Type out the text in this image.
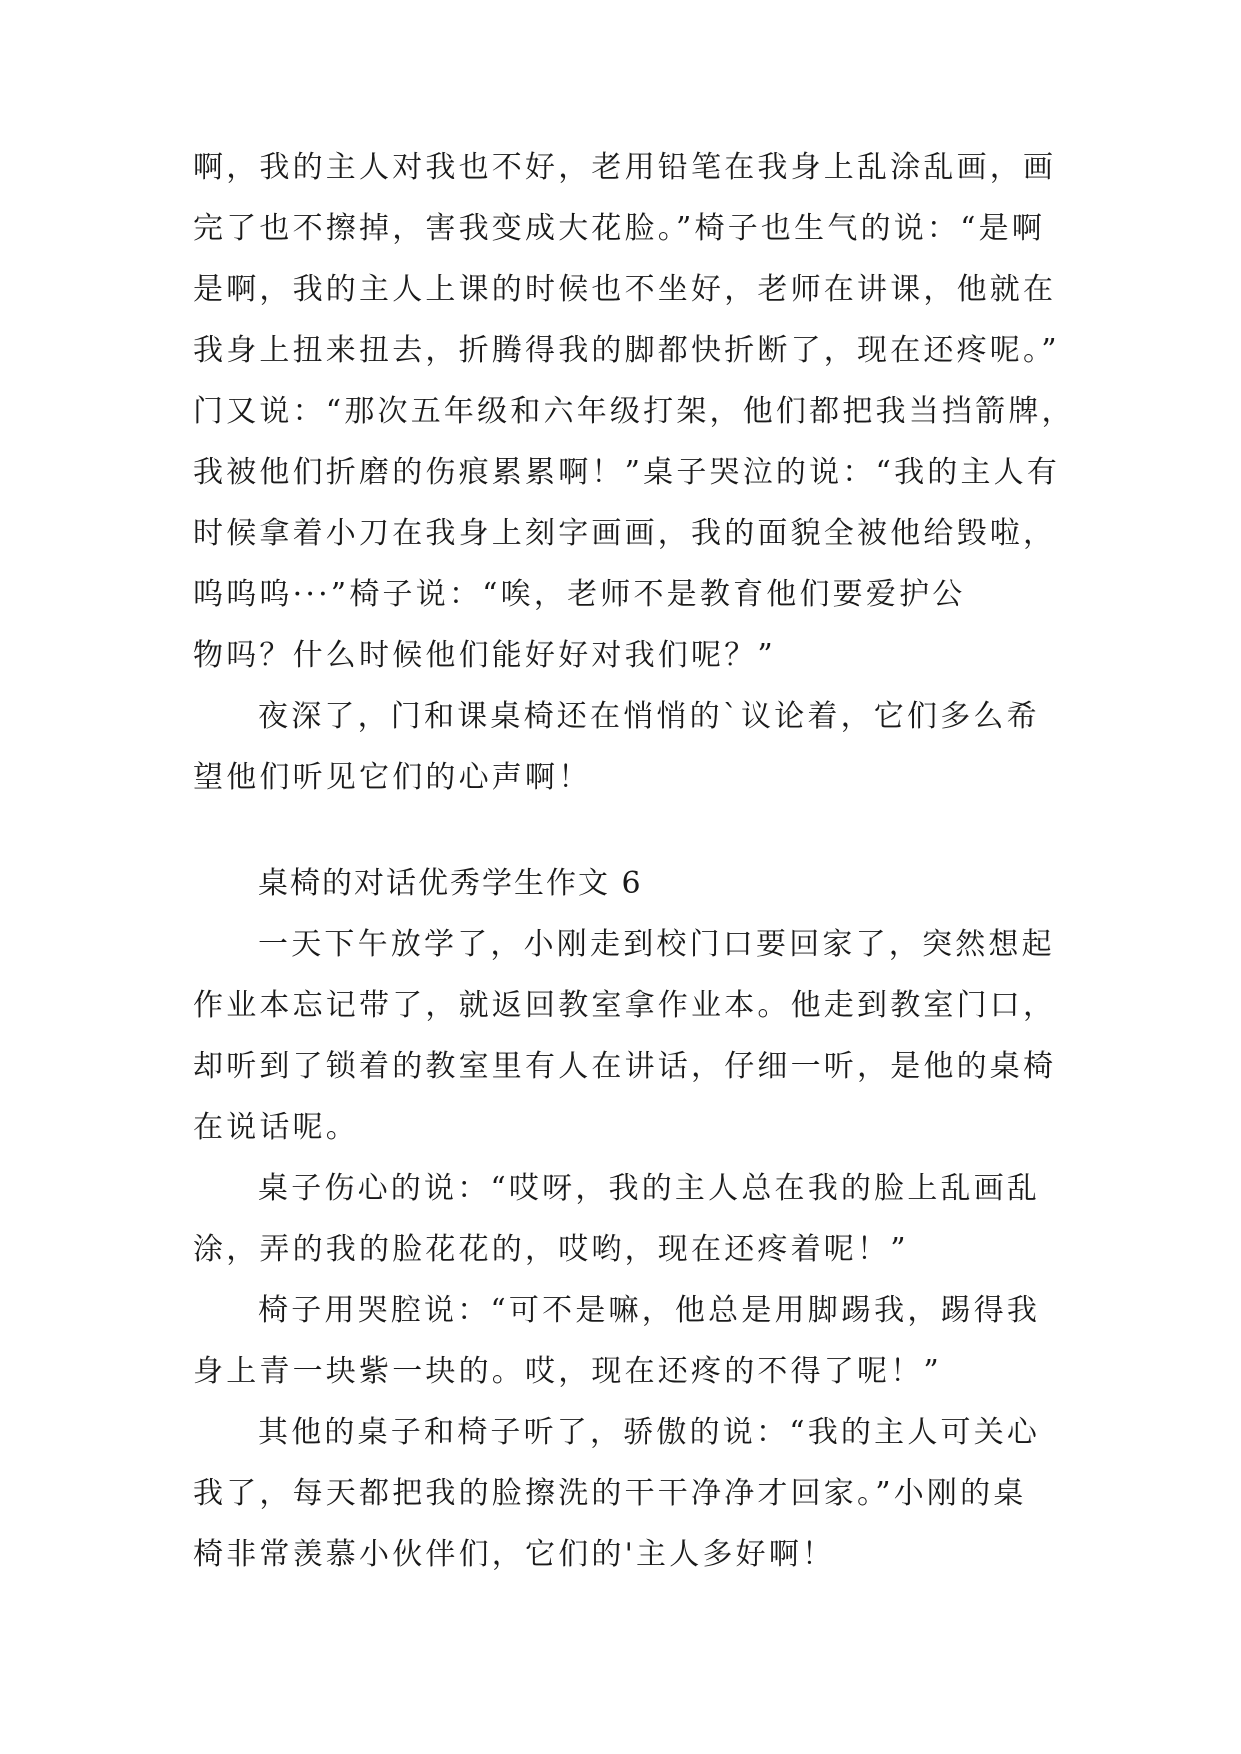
啊，我的主人对我也不好，老用铅笔在我身上乱涂乱画，画
完了也不擦掉，害我变成大花脸。”椅子也生气的说：“是啊
是啊，我的主人上课的时候也不坐好，老师在讲课，他就在
我身上扭来扭去，折腾得我的脚都快折断了，现在还疼呢。”
门又说：“那次五年级和六年级打架，他们都把我当挡箭牌，
我被他们折磨的伤痕累累啊！”桌子哭泣的说：“我的主人有
时候拿着小刀在我身上刻字画画，我的面貌全被他给毁啦，
呜呜呜···”椅子说：“唉，老师不是教育他们要爱护公
物吗？什么时候他们能好好对我们呢？”
夜深了，门和课桌椅还在悄悄的`议论着，它们多么希
望他们听见它们的心声啊！
桌椅的对话优秀学生作文 6
一天下午放学了，小刚走到校门口要回家了，突然想起
作业本忘记带了，就返回教室拿作业本。他走到教室门口，
却听到了锁着的教室里有人在讲话，仔细一听，是他的桌椅
在说话呢。
桌子伤心的说：“哎呀，我的主人总在我的脸上乱画乱
涂，弄的我的脸花花的，哎哟，现在还疼着呢！”
椅子用哭腔说：“可不是嘛，他总是用脚踢我，踢得我
身上青一块紫一块的。哎，现在还疼的不得了呢！”
其他的桌子和椅子听了，骄傲的说：“我的主人可关心
我了，每天都把我的脸擦洗的干干净净才回家。”小刚的桌
椅非常羡慕小伙伴们，它们的'主人多好啊！
